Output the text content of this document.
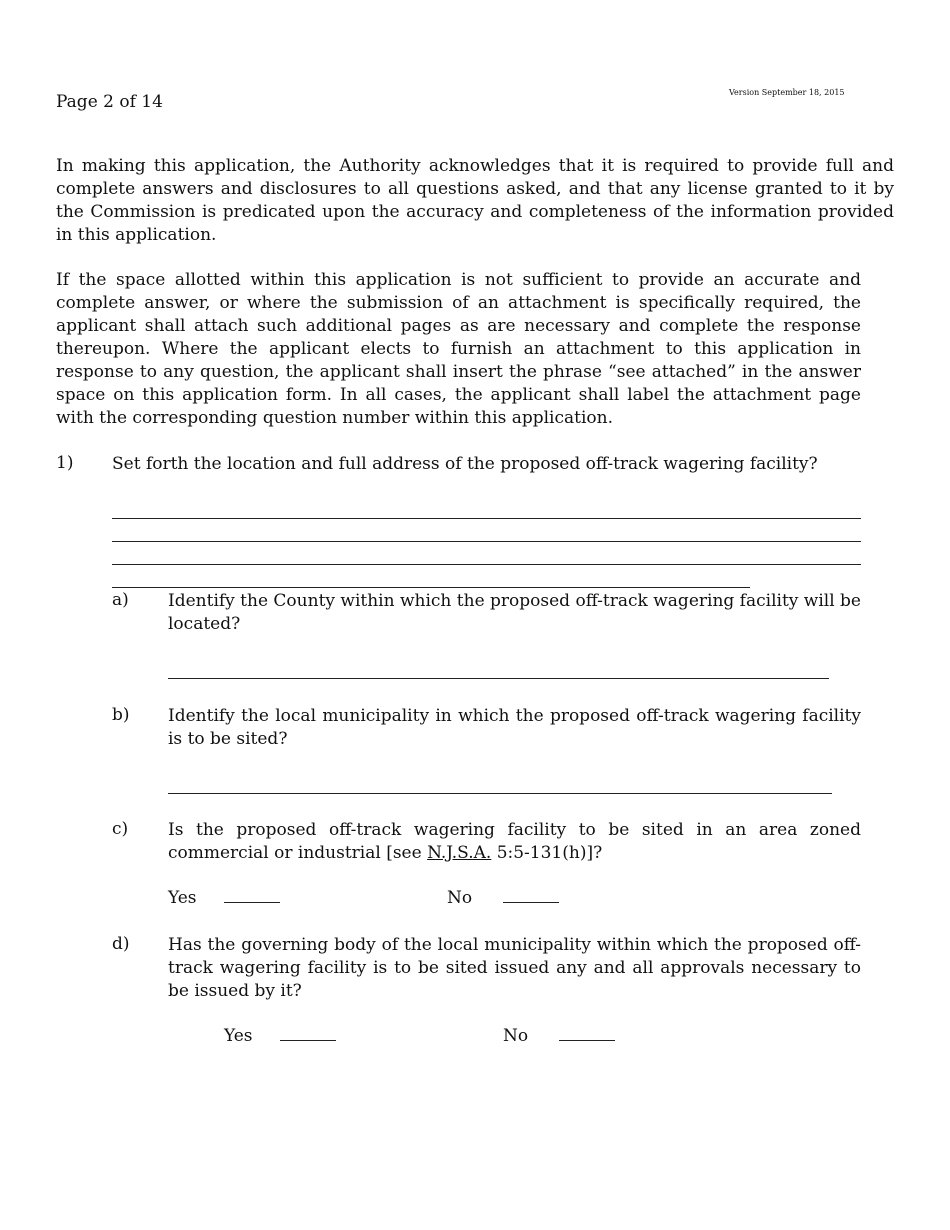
Page 2 of 14	Version September 18, 2015

In making this application, the Authority acknowledges that it is required to provide full and complete answers and disclosures to all questions asked, and that any license granted to it by the Commission is predicated upon the accuracy and completeness of the information provided in this application.

If the space allotted within this application is not sufficient to provide an accurate and complete answer, or where the submission of an attachment is specifically required, the applicant shall attach such additional pages as are necessary and complete the response thereupon. Where the applicant elects to furnish an attachment to this application in response to any question, the applicant shall insert the phrase “see attached” in the answer space on this application form. In all cases, the applicant shall label the attachment page with the corresponding question number within this application.

1) Set forth the location and full address of the proposed off-track wagering facility?
a) Identify the County within which the proposed off-track wagering facility will be located?

b) Identify the local municipality in which the proposed off-track wagering facility is to be sited?

c) Is the proposed off-track wagering facility to be sited in an area zoned commercial or industrial [see N.J.S.A. 5:5-131(h)]?

Yes	No
d) Has the governing body of the local municipality within which the proposed off-track wagering facility is to be sited issued any and all approvals necessary to be issued by it?

Yes	No
